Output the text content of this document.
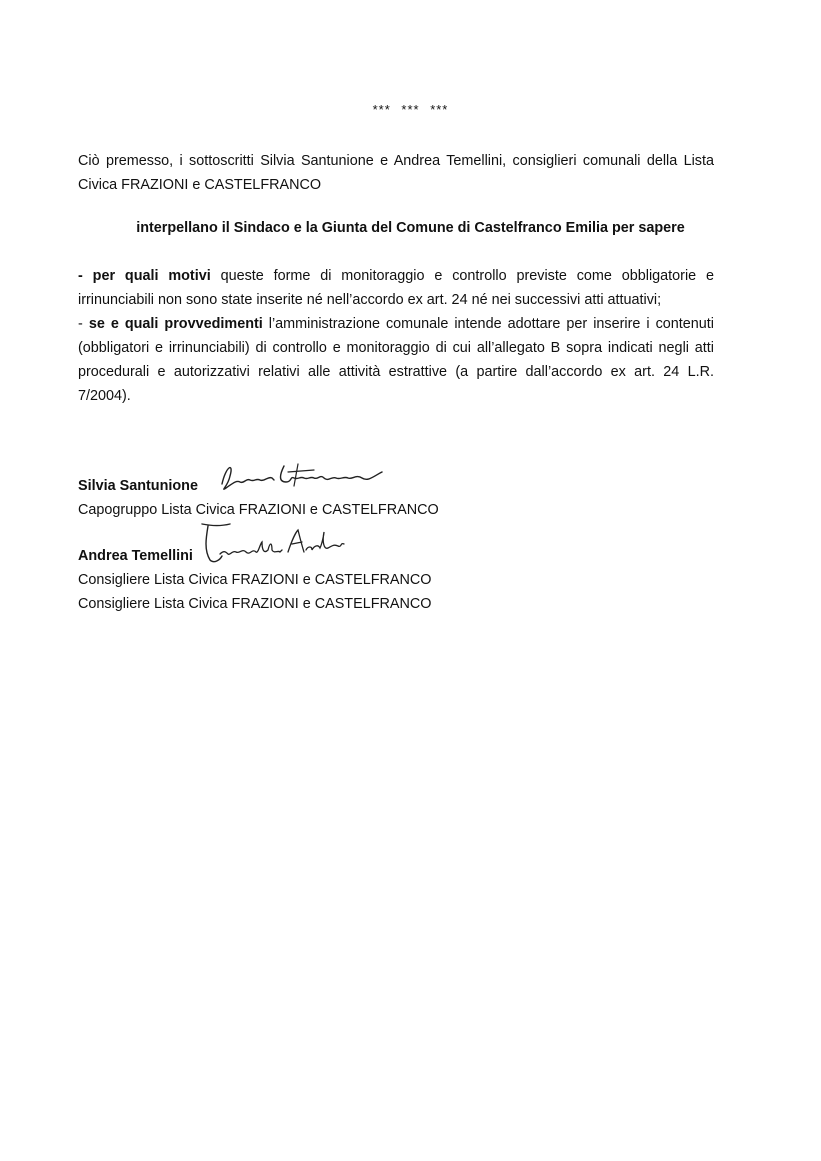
*** *** ***
Ciò premesso, i sottoscritti Silvia Santunione e Andrea Temellini, consiglieri comunali della Lista Civica FRAZIONI e CASTELFRANCO
interpellano il Sindaco e la Giunta del Comune di Castelfranco Emilia per sapere

- per quali motivi queste forme di monitoraggio e controllo previste come obbligatorie e irrinunciabili non sono state inserite né nell’accordo ex art. 24 né nei successivi atti attuativi;

- se e quali provvedimenti l’amministrazione comunale intende adottare per inserire i contenuti (obbligatori e irrinunciabili) di controllo e monitoraggio di cui all’allegato B sopra indicati negli atti procedurali e autorizzativi relativi alle attività estrattive (a partire dall’accordo ex art. 24 L.R. 7/2004).

Silvia Santunione
Capogruppo Lista Civica FRAZIONI e CASTELFRANCO
Andrea Temellini
Consigliere Lista Civica FRAZIONI e CASTELFRANCO
Consigliere Lista Civica FRAZIONI e CASTELFRANCO
